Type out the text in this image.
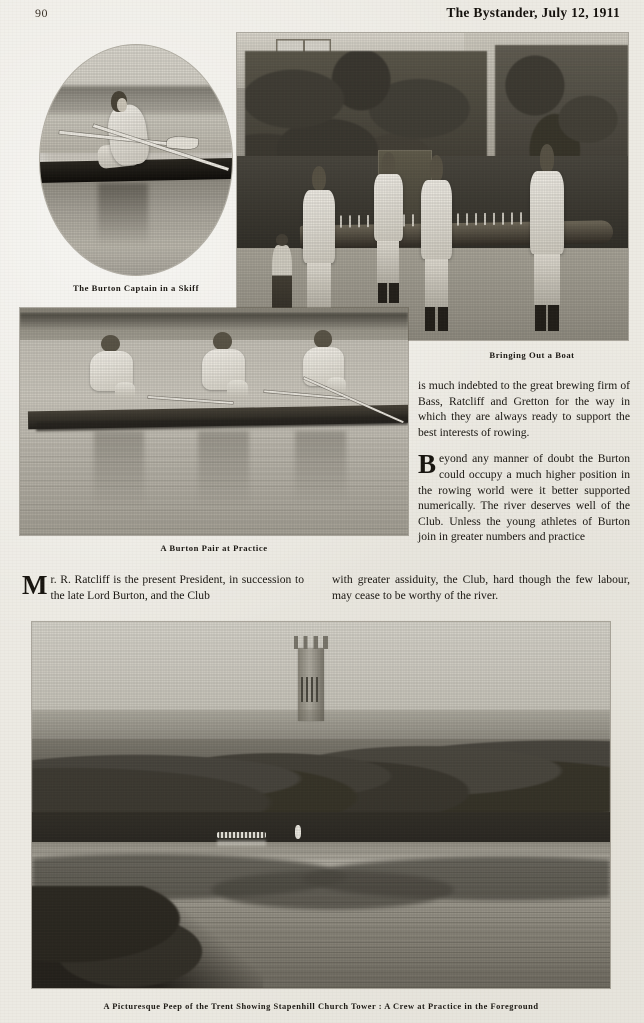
90	The Bystander, July 12, 1911
The Burton Captain in a Skiff
Bringing Out a Boat
A Burton Pair at Practice

is much indebted to the great brewing firm of Bass, Ratcliff and Gretton for the way in which they are always ready to support the best interests of rowing.

Beyond any manner of doubt the Burton could occupy a much higher position in the rowing world were it better supported numerically. The river deserves well of the Club. Unless the young athletes of Burton join in greater numbers and practice

Mr. R. Ratcliff is the present President, in succession to the late Lord Burton, and the Club
with greater assiduity, the Club, hard though the few labour, may cease to be worthy of the river.
A Picturesque Peep of the Trent Showing Stapenhill Church Tower : A Crew at Practice in the Foreground
